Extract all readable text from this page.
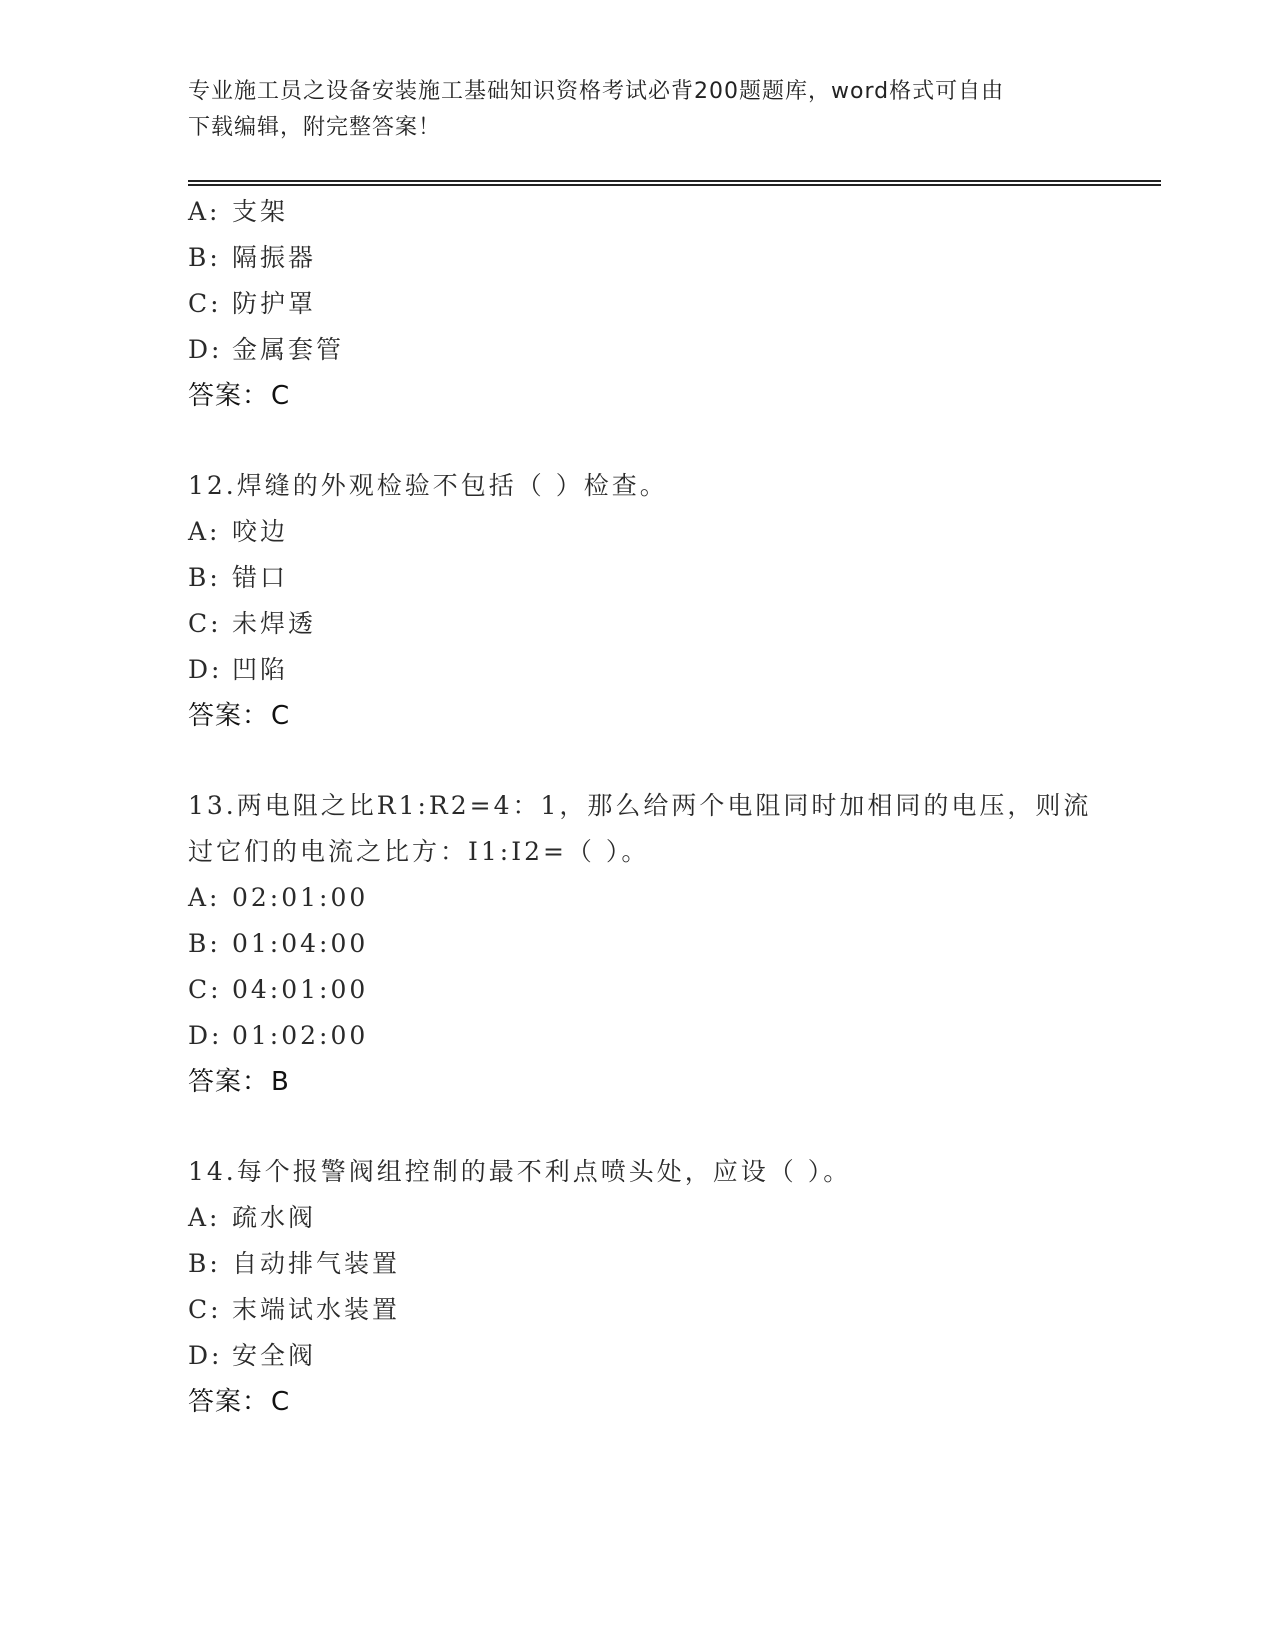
专业施工员之设备安装施工基础知识资格考试必背200题题库，word格式可自由
下载编辑，附完整答案！

A: 支架

B: 隔振器

C: 防护罩

D: 金属套管

答案：C

12.焊缝的外观检验不包括（ ）检查。

A: 咬边

B: 错口

C: 未焊透

D: 凹陷

答案：C

13.两电阻之比R1:R2=4：1，那么给两个电阻同时加相同的电压，则流

过它们的电流之比方：I1:I2=（ ）。

A: 02:01:00

B: 01:04:00

C: 04:01:00

D: 01:02:00

答案：B

14.每个报警阀组控制的最不利点喷头处，应设（ ）。

A: 疏水阀

B: 自动排气装置

C: 末端试水装置

D: 安全阀

答案：C
